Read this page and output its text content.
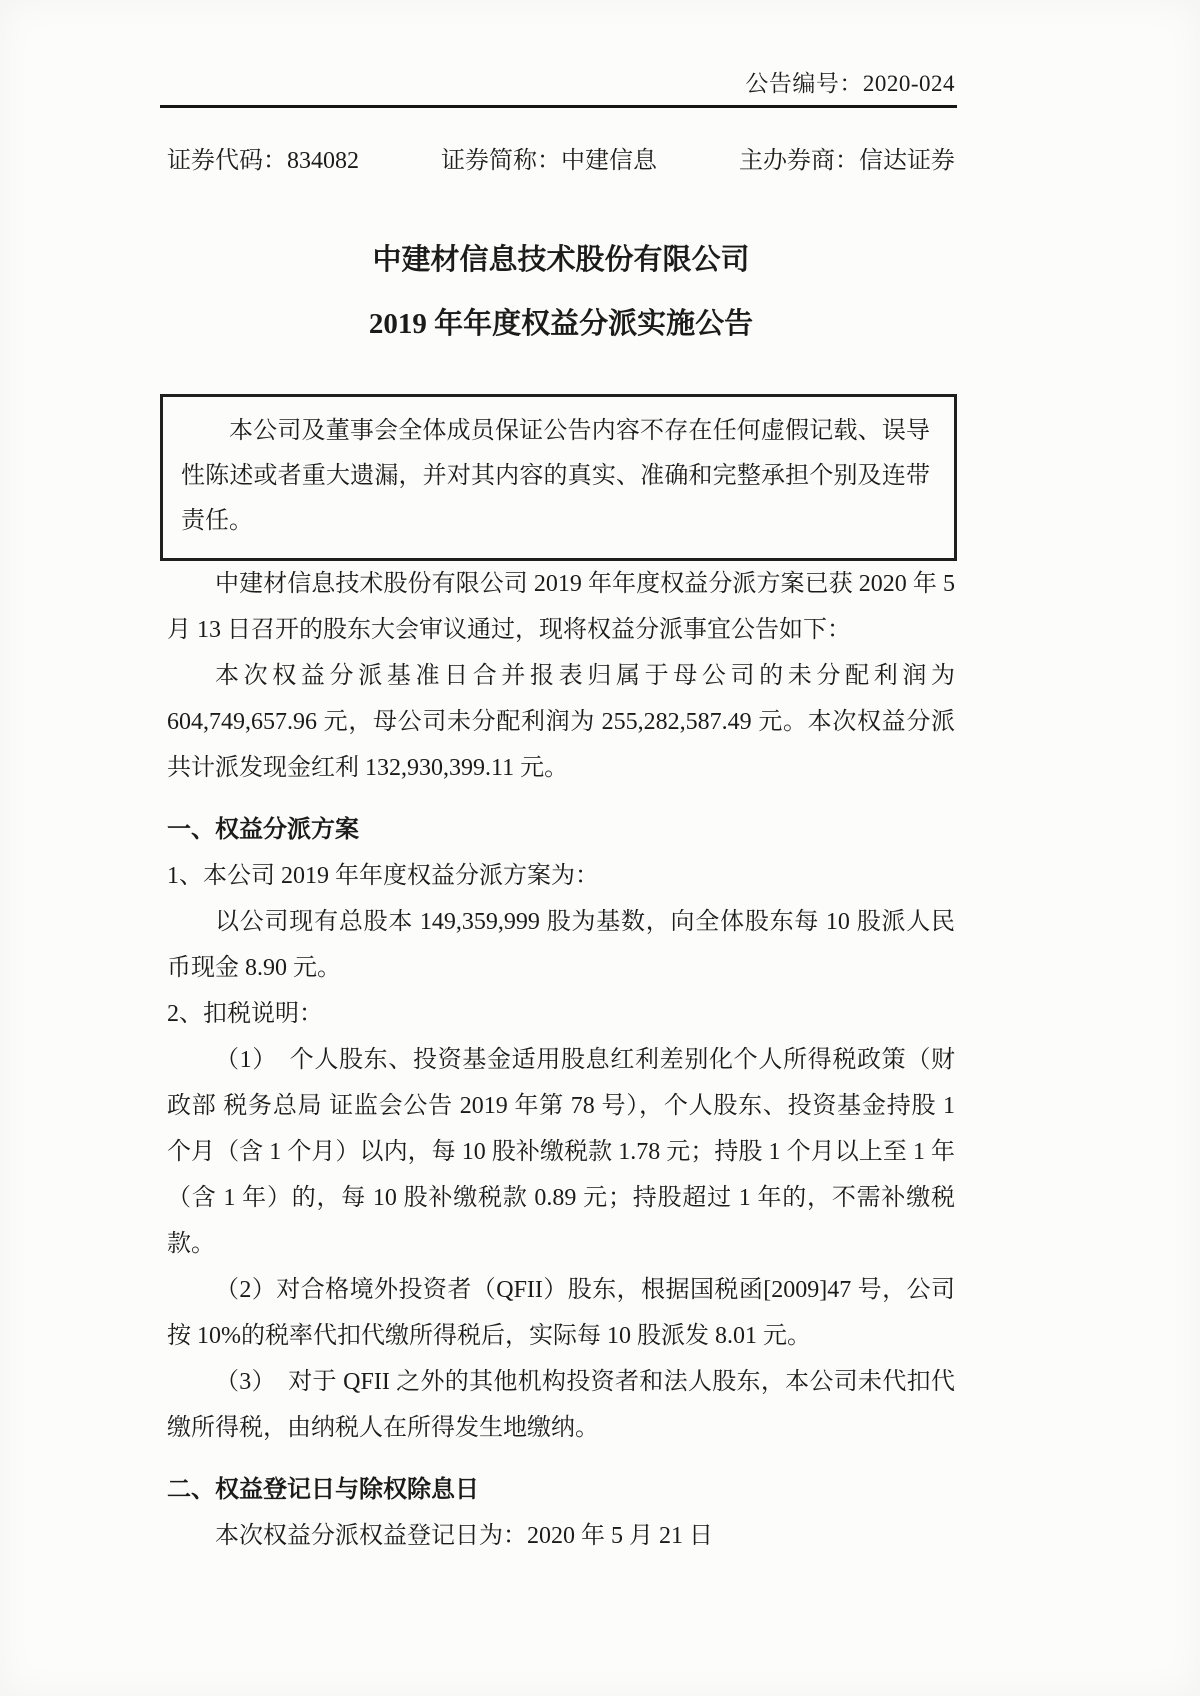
公告编号：2020-024
证券代码：834082	证券简称：中建信息	主办券商：信达证券
中建材信息技术股份有限公司
2019 年年度权益分派实施公告

本公司及董事会全体成员保证公告内容不存在任何虚假记载、误导性陈述或者重大遗漏，并对其内容的真实、准确和完整承担个别及连带责任。

中建材信息技术股份有限公司 2019 年年度权益分派方案已获 2020 年 5 月 13 日召开的股东大会审议通过，现将权益分派事宜公告如下：

本次权益分派基准日合并报表归属于母公司的未分配利润为 604,749,657.96 元，母公司未分配利润为 255,282,587.49 元。本次权益分派共计派发现金红利 132,930,399.11 元。

一、权益分派方案

1、本公司 2019 年年度权益分派方案为：

以公司现有总股本 149,359,999 股为基数，向全体股东每 10 股派人民币现金 8.90 元。

2、扣税说明：

（1）　个人股东、投资基金适用股息红利差别化个人所得税政策（财政部 税务总局 证监会公告 2019 年第 78 号），个人股东、投资基金持股 1 个月（含 1 个月）以内，每 10 股补缴税款 1.78 元；持股 1 个月以上至 1 年（含 1 年）的，每 10 股补缴税款 0.89 元；持股超过 1 年的，不需补缴税款。

（2）对合格境外投资者（QFII）股东，根据国税函[2009]47 号，公司按 10%的税率代扣代缴所得税后，实际每 10 股派发 8.01 元。

（3）　对于 QFII 之外的其他机构投资者和法人股东，本公司未代扣代缴所得税，由纳税人在所得发生地缴纳。

二、权益登记日与除权除息日

本次权益分派权益登记日为：2020 年 5 月 21 日
